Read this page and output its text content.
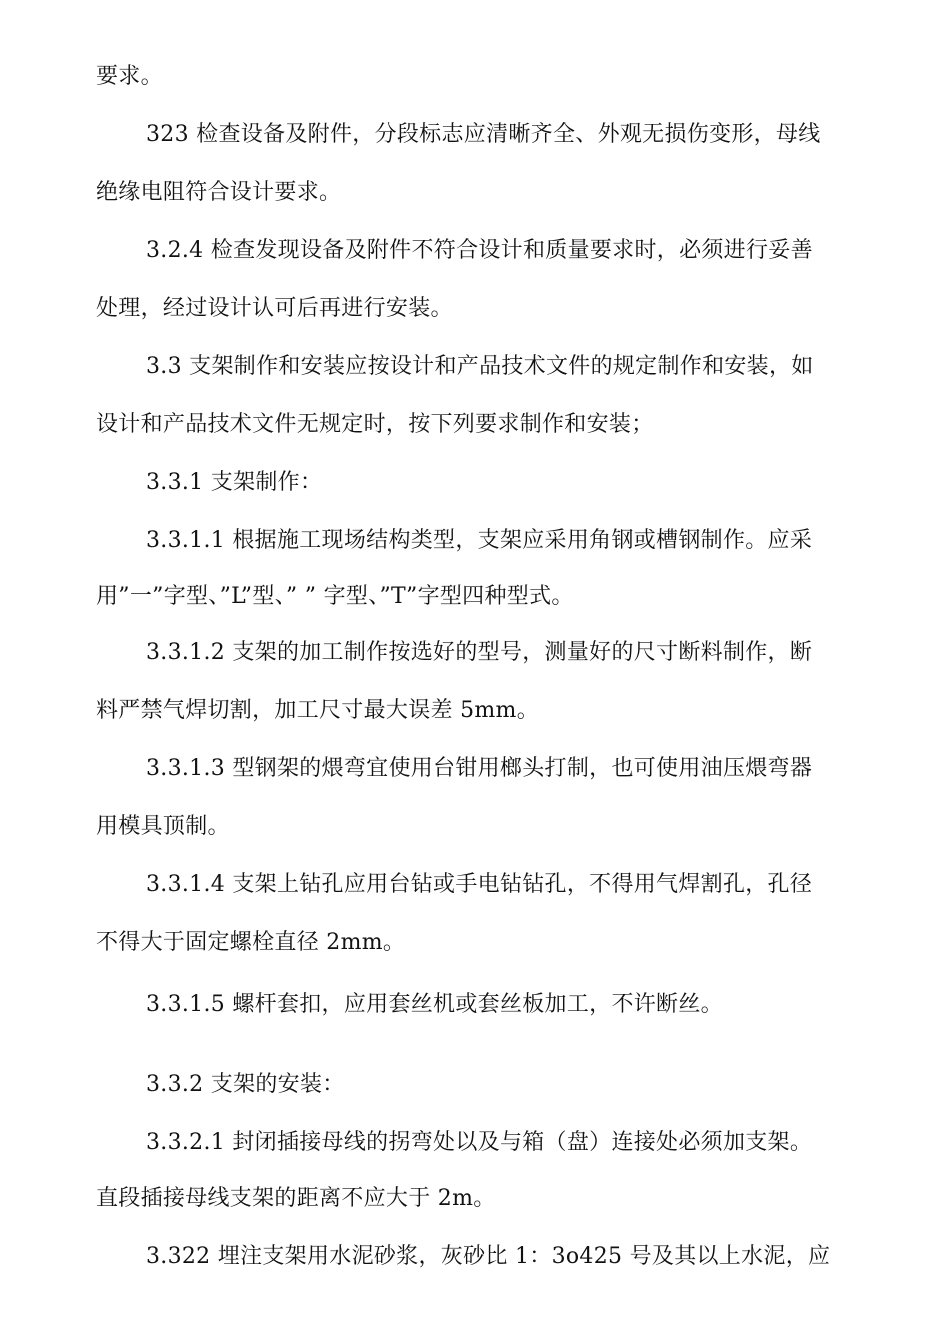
要求。
323 检查设备及附件，分段标志应清晰齐全、外观无损伤变形，母线
绝缘电阻符合设计要求。
3.2.4 检查发现设备及附件不符合设计和质量要求时，必须进行妥善
处理，经过设计认可后再进行安装。
3.3 支架制作和安装应按设计和产品技术文件的规定制作和安装，如
设计和产品技术文件无规定时，按下列要求制作和安装；
3.3.1 支架制作：
3.3.1.1 根据施工现场结构类型，支架应采用角钢或槽钢制作。应采
用”一”字型、”L”型、” ” 字型、”T”字型四种型式。
3.3.1.2 支架的加工制作按选好的型号，测量好的尺寸断料制作，断
料严禁气焊切割，加工尺寸最大误差 5mm。
3.3.1.3 型钢架的煨弯宜使用台钳用榔头打制，也可使用油压煨弯器
用模具顶制。
3.3.1.4 支架上钻孔应用台钻或手电钻钻孔，不得用气焊割孔，孔径
不得大于固定螺栓直径 2mm。
3.3.1.5 螺杆套扣，应用套丝机或套丝板加工，不许断丝。
3.3.2 支架的安装：
3.3.2.1 封闭插接母线的拐弯处以及与箱（盘）连接处必须加支架。
直段插接母线支架的距离不应大于 2m。
3.322 埋注支架用水泥砂浆，灰砂比 1：3o425 号及其以上水泥，应
